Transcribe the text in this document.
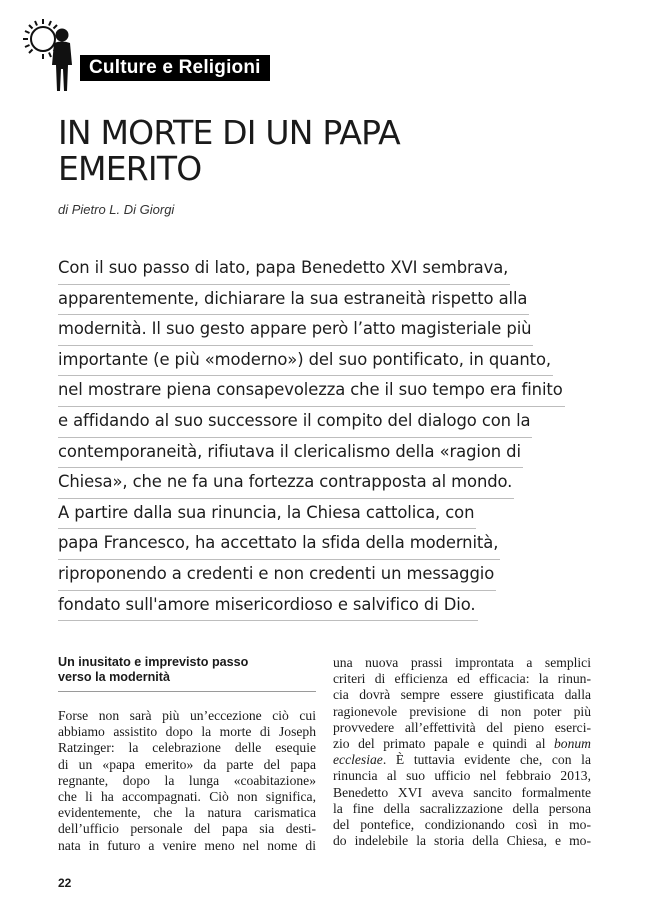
Culture e Religioni
IN MORTE DI UN PAPA
EMERITO
di Pietro L. Di Giorgi
Con il suo passo di lato, papa Benedetto XVI sembrava,
apparentemente, dichiarare la sua estraneità rispetto alla
modernità. Il suo gesto appare però l’atto magisteriale più
importante (e più «moderno») del suo pontificato, in quanto,
nel mostrare piena consapevolezza che il suo tempo era finito
e affidando al suo successore il compito del dialogo con la
contemporaneità, rifiutava il clericalismo della «ragion di
Chiesa», che ne fa una fortezza contrapposta al mondo.
A partire dalla sua rinuncia, la Chiesa cattolica, con
papa Francesco, ha accettato la sfida della modernità,
riproponendo a credenti e non credenti un messaggio
fondato sull'amore misericordioso e salvifico di Dio.
Un inusitato e imprevisto passo
verso la modernità
Forse non sarà più un’eccezione ciò cui
abbiamo assistito dopo la morte di Joseph
Ratzinger: la celebrazione delle esequie
di un «papa emerito» da parte del papa
regnante, dopo la lunga «coabitazione»
che li ha accompagnati. Ciò non significa,
evidentemente, che la natura carismatica
dell’ufficio personale del papa sia desti-
nata in futuro a venire meno nel nome di
una nuova prassi improntata a semplici
criteri di efficienza ed efficacia: la rinun-
cia dovrà sempre essere giustificata dalla
ragionevole previsione di non poter più
provvedere all’effettività del pieno eserci-
zio del primato papale e quindi al bonum
ecclesiae. È tuttavia evidente che, con la
rinuncia al suo ufficio nel febbraio 2013,
Benedetto XVI aveva sancito formalmente
la fine della sacralizzazione della persona
del pontefice, condizionando così in mo-
do indelebile la storia della Chiesa, e mo-
22
